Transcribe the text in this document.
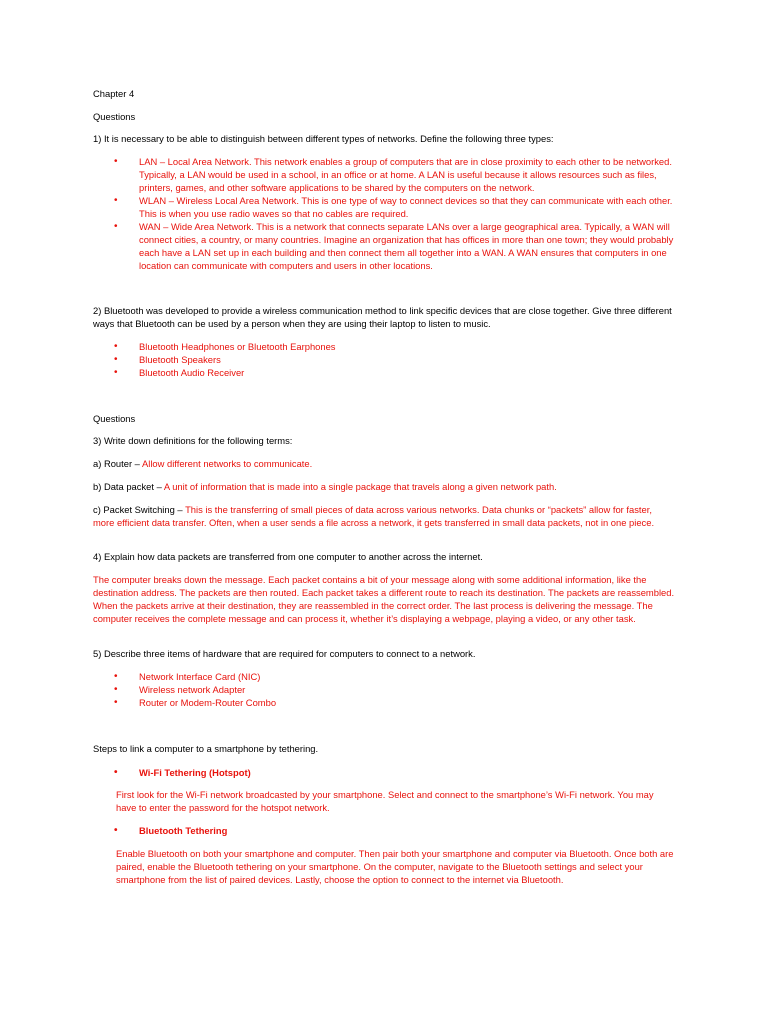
Chapter 4

Questions

1) It is necessary to be able to distinguish between different types of networks. Define the following three types:

• LAN – Local Area Network. This network enables a group of computers that are in close proximity to each other to be networked. Typically, a LAN would be used in a school, in an office or at home. A LAN is useful because it allows resources such as files, printers, games, and other software applications to be shared by the computers on the network.
• WLAN – Wireless Local Area Network. This is one type of way to connect devices so that they can communicate with each other. This is when you use radio waves so that no cables are required.
• WAN – Wide Area Network. This is a network that connects separate LANs over a large geographical area. Typically, a WAN will connect cities, a country, or many countries. Imagine an organization that has offices in more than one town; they would probably each have a LAN set up in each building and then connect them all together into a WAN. A WAN ensures that computers in one location can communicate with computers and users in other locations.

2) Bluetooth was developed to provide a wireless communication method to link specific devices that are close together. Give three different ways that Bluetooth can be used by a person when they are using their laptop to listen to music.

• Bluetooth Headphones or Bluetooth Earphones
• Bluetooth Speakers
• Bluetooth Audio Receiver

Questions

3) Write down definitions for the following terms:

a) Router – Allow different networks to communicate.

b) Data packet – A unit of information that is made into a single package that travels along a given network path.

c) Packet Switching – This is the transferring of small pieces of data across various networks. Data chunks or “packets” allow for faster, more efficient data transfer. Often, when a user sends a file across a network, it gets transferred in small data packets, not in one piece.

4) Explain how data packets are transferred from one computer to another across the internet.

The computer breaks down the message. Each packet contains a bit of your message along with some additional information, like the destination address. The packets are then routed. Each packet takes a different route to reach its destination. The packets are reassembled. When the packets arrive at their destination, they are reassembled in the correct order. The last process is delivering the message. The computer receives the complete message and can process it, whether it’s displaying a webpage, playing a video, or any other task.

5) Describe three items of hardware that are required for computers to connect to a network.

• Network Interface Card (NIC)
• Wireless network Adapter
• Router or Modem-Router Combo

Steps to link a computer to a smartphone by tethering.

• Wi-Fi Tethering (Hotspot)

First look for the Wi-Fi network broadcasted by your smartphone. Select and connect to the smartphone’s Wi-Fi network. You may have to enter the password for the hotspot network.

• Bluetooth Tethering

Enable Bluetooth on both your smartphone and computer. Then pair both your smartphone and computer via Bluetooth. Once both are paired, enable the Bluetooth tethering on your smartphone. On the computer, navigate to the Bluetooth settings and select your smartphone from the list of paired devices. Lastly, choose the option to connect to the internet via Bluetooth.
